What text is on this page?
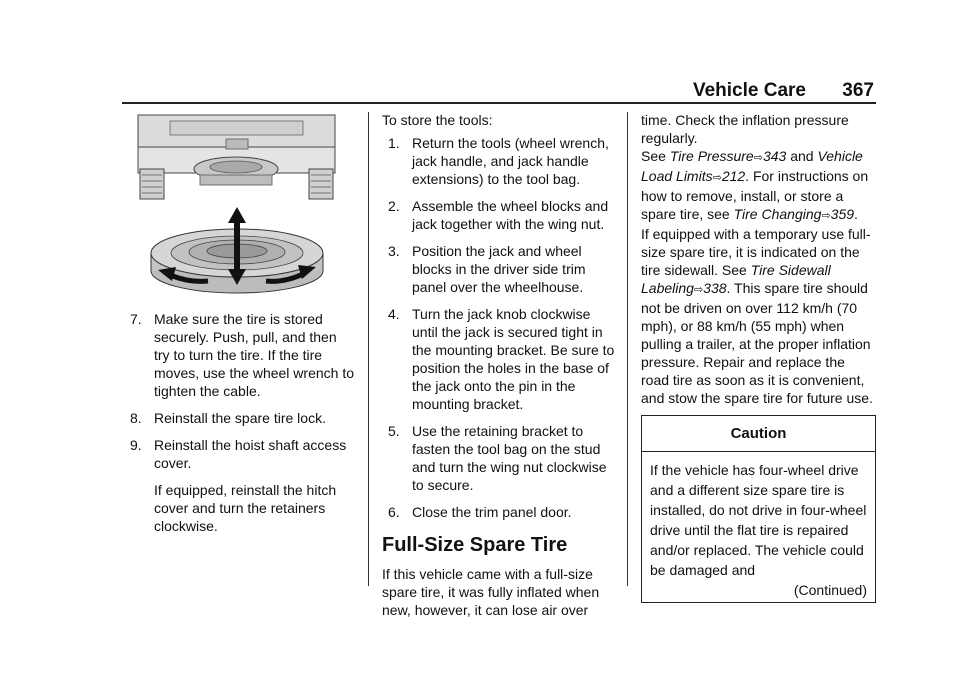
Vehicle Care 367
7. Make sure the tire is stored securely. Push, pull, and then try to turn the tire. If the tire moves, use the wheel wrench to tighten the cable.
8. Reinstall the spare tire lock.
9. Reinstall the hoist shaft access cover.
If equipped, reinstall the hitch cover and turn the retainers clockwise.

To store the tools:

1. Return the tools (wheel wrench, jack handle, and jack handle extensions) to the tool bag.
2. Assemble the wheel blocks and jack together with the wing nut.
3. Position the jack and wheel blocks in the driver side trim panel over the wheelhouse.
4. Turn the jack knob clockwise until the jack is secured tight in the mounting bracket. Be sure to position the holes in the base of the jack onto the pin in the mounting bracket.
5. Use the retaining bracket to fasten the tool bag on the stud and turn the wing nut clockwise to secure.
6. Close the trim panel door.
Full-Size Spare Tire

If this vehicle came with a full-size spare tire, it was fully inflated when new, however, it can lose air over

time. Check the inflation pressure regularly.
See Tire Pressure⇨343 and Vehicle Load Limits⇨212. For instructions on how to remove, install, or store a spare tire, see Tire Changing⇨359.

If equipped with a temporary use full-size spare tire, it is indicated on the tire sidewall. See Tire Sidewall Labeling⇨338. This spare tire should not be driven on over 112 km/h (70 mph), or 88 km/h (55 mph) when pulling a trailer, at the proper inflation pressure. Repair and replace the road tire as soon as it is convenient, and stow the spare tire for future use.

Caution
If the vehicle has four-wheel drive and a different size spare tire is installed, do not drive in four-wheel drive until the flat tire is repaired and/or replaced. The vehicle could be damaged and
(Continued)
